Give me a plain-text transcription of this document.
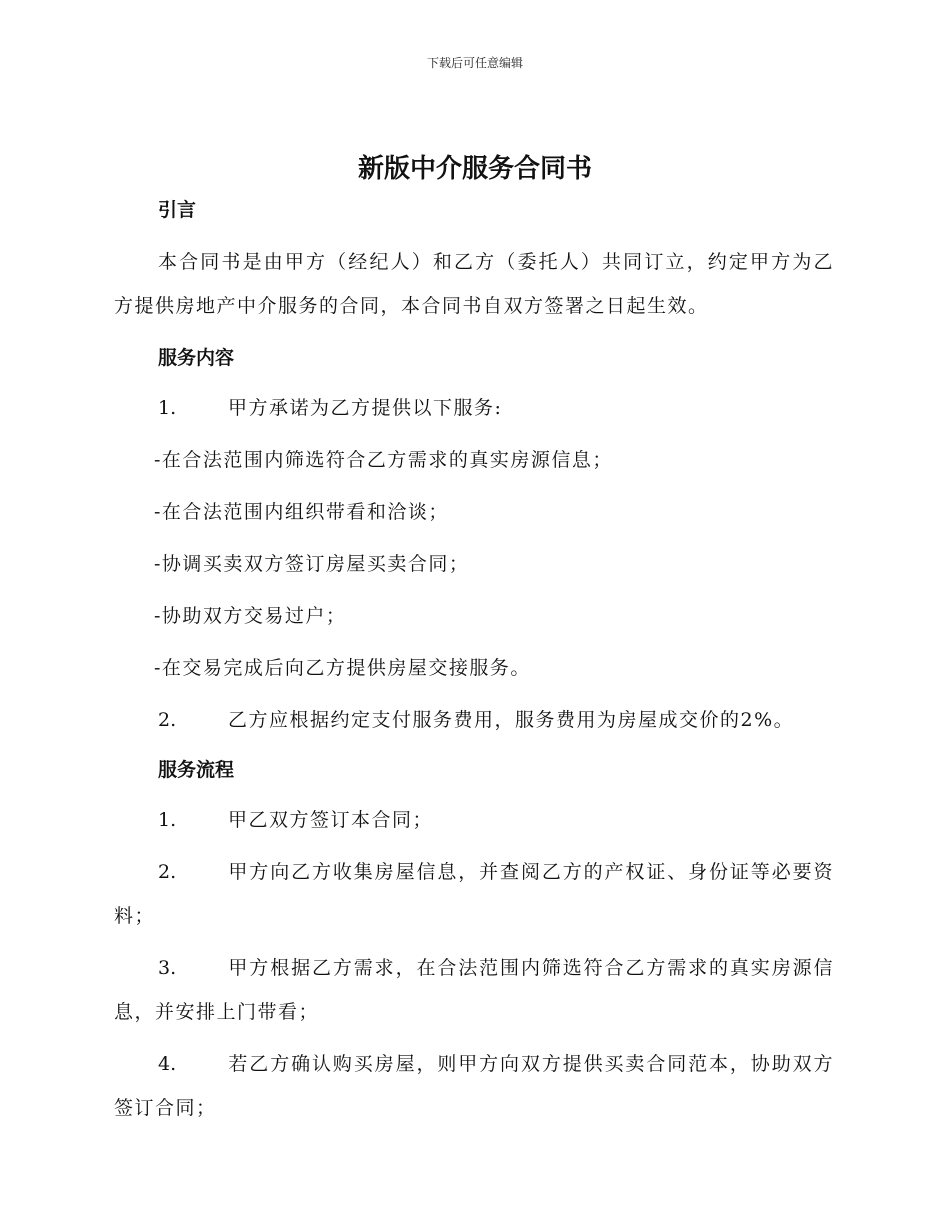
下载后可任意编辑
新版中介服务合同书

引言

本合同书是由甲方（经纪人）和乙方（委托人）共同订立，约定甲方为乙方提供房地产中介服务的合同，本合同书自双方签署之日起生效。

服务内容

1.	甲方承诺为乙方提供以下服务:

-在合法范围内筛选符合乙方需求的真实房源信息；

-在合法范围内组织带看和洽谈；

-协调买卖双方签订房屋买卖合同；

-协助双方交易过户；

-在交易完成后向乙方提供房屋交接服务。

2.	乙方应根据约定支付服务费用，服务费用为房屋成交价的2%。

服务流程

1.	甲乙双方签订本合同；

2.	甲方向乙方收集房屋信息，并查阅乙方的产权证、身份证等必要资料；

3.	甲方根据乙方需求，在合法范围内筛选符合乙方需求的真实房源信息，并安排上门带看；

4.	若乙方确认购买房屋，则甲方向双方提供买卖合同范本，协助双方签订合同；
